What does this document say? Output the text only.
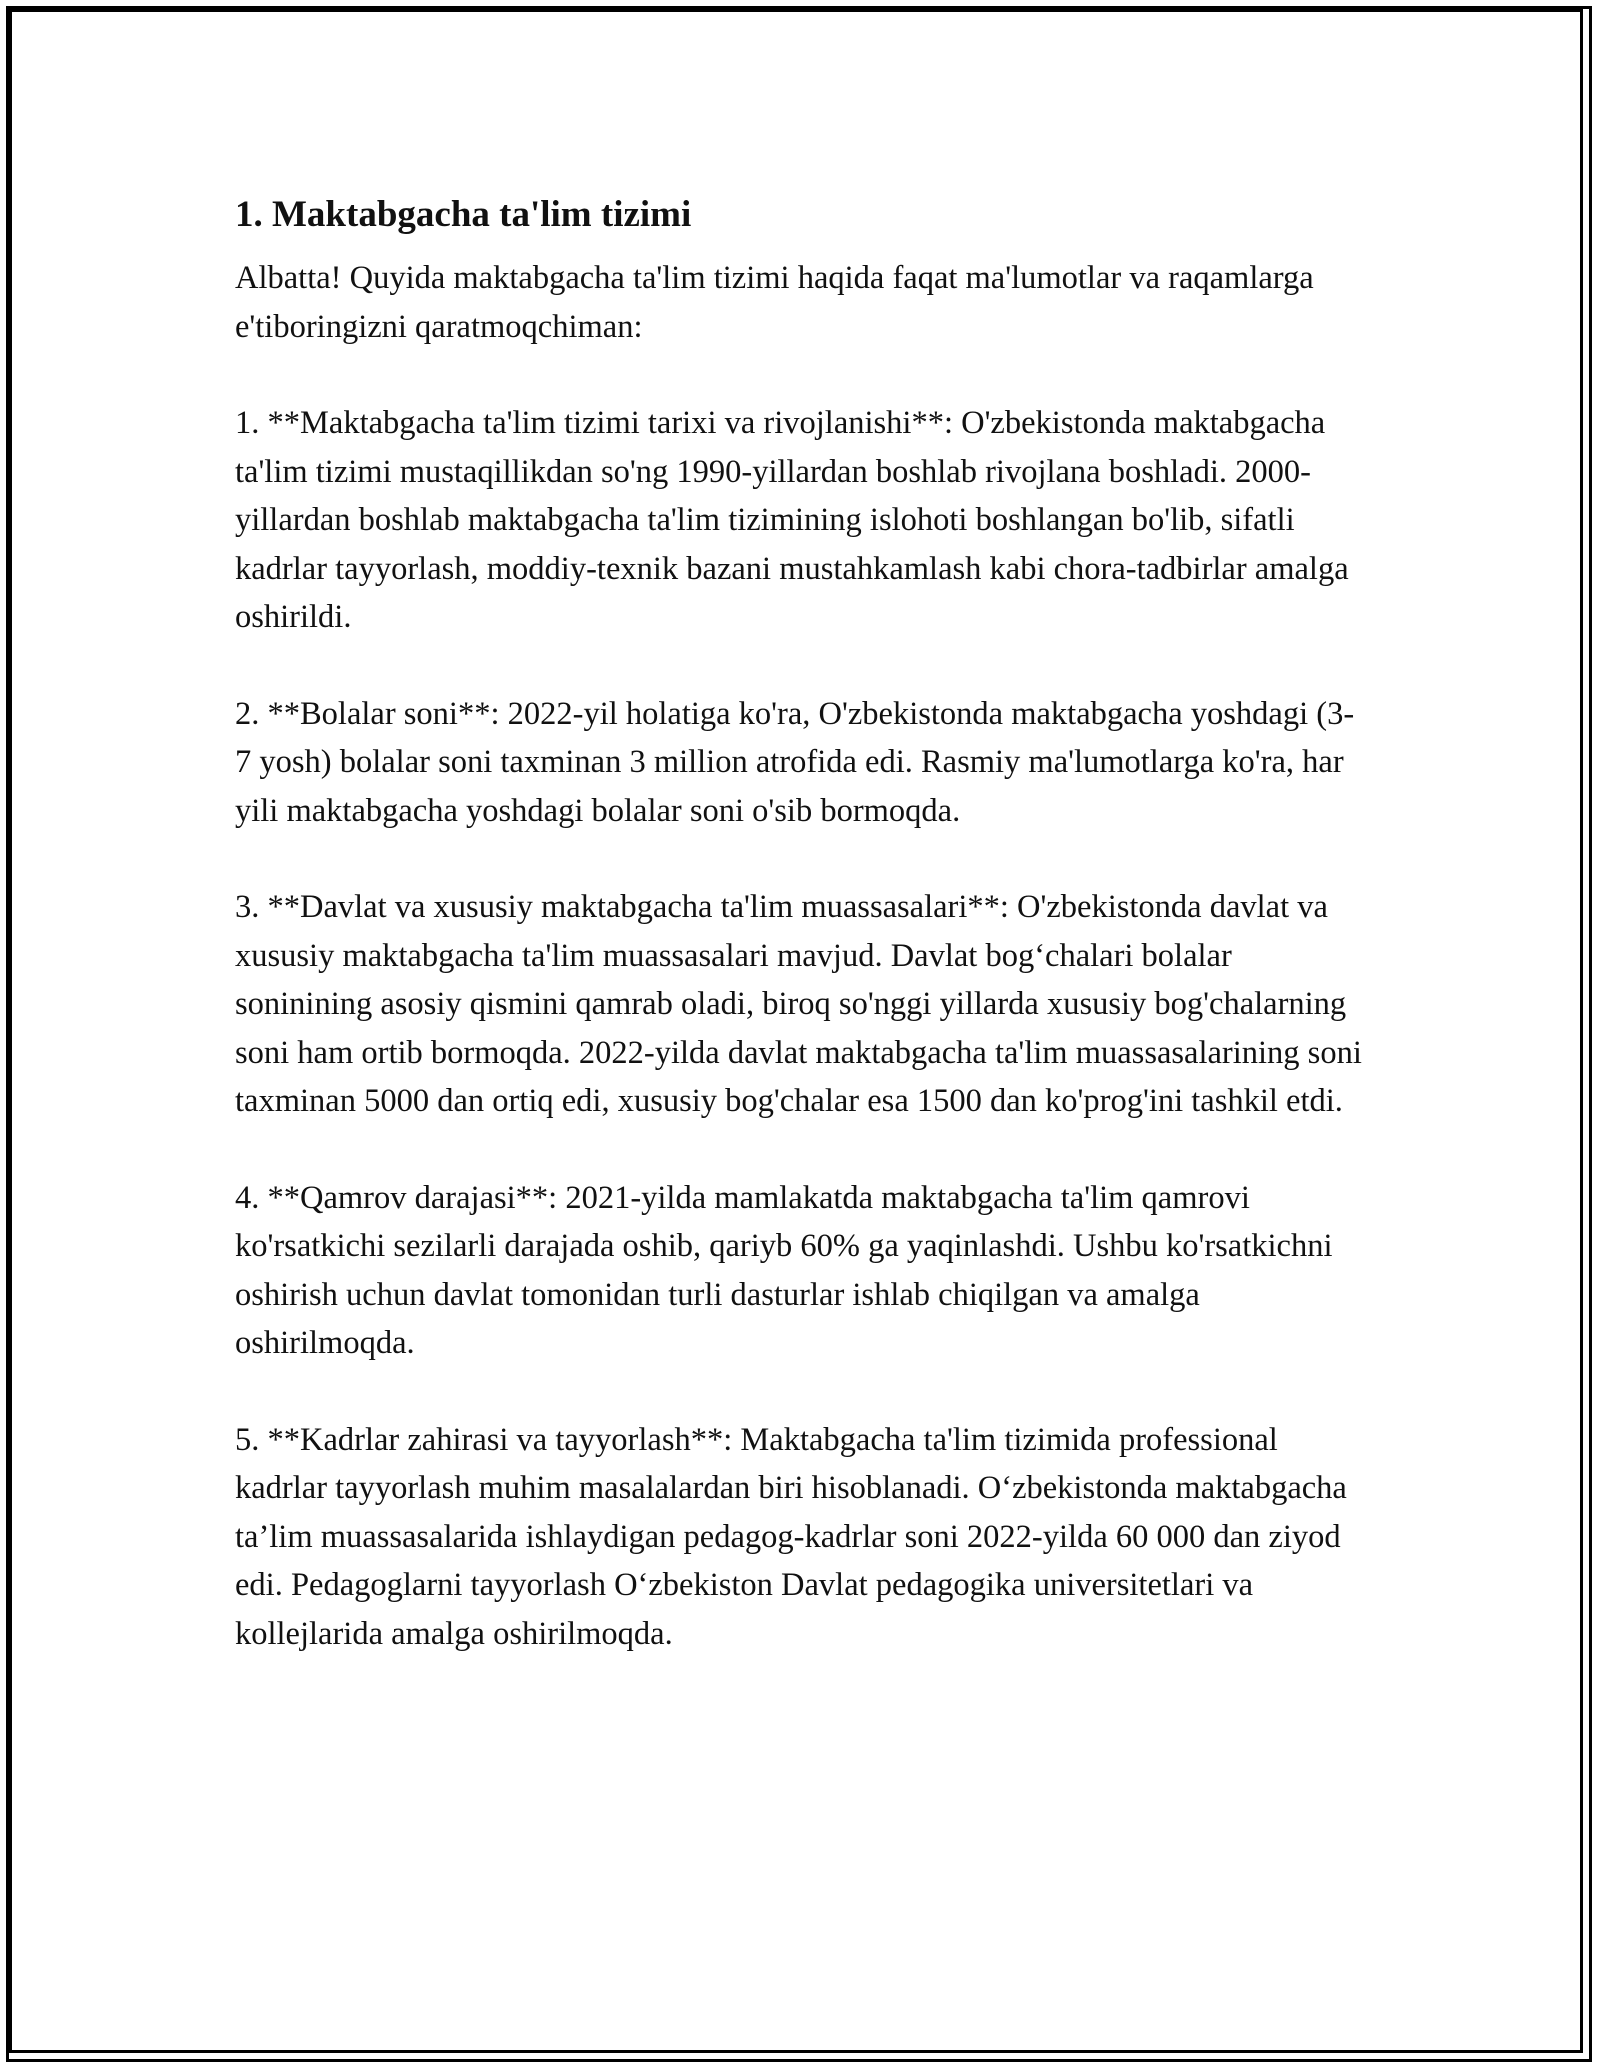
1. Maktabgacha ta'lim tizimi

Albatta! Quyida maktabgacha ta'lim tizimi haqida faqat ma'lumotlar va raqamlarga e'tiboringizni qaratmoqchiman:

1. **Maktabgacha ta'lim tizimi tarixi va rivojlanishi**: O'zbekistonda maktabgacha ta'lim tizimi mustaqillikdan so'ng 1990-yillardan boshlab rivojlana boshladi. 2000-yillardan boshlab maktabgacha ta'lim tizimining islohoti boshlangan bo'lib, sifatli kadrlar tayyorlash, moddiy-texnik bazani mustahkamlash kabi chora-tadbirlar amalga oshirildi.

2. **Bolalar soni**: 2022-yil holatiga ko'ra, O'zbekistonda maktabgacha yoshdagi (3-7 yosh) bolalar soni taxminan 3 million atrofida edi. Rasmiy ma'lumotlarga ko'ra, har yili maktabgacha yoshdagi bolalar soni o'sib bormoqda.

3. **Davlat va xususiy maktabgacha ta'lim muassasalari**: O'zbekistonda davlat va xususiy maktabgacha ta'lim muassasalari mavjud. Davlat bog‘chalari bolalar soninining asosiy qismini qamrab oladi, biroq so'nggi yillarda xususiy bog'chalarning soni ham ortib bormoqda. 2022-yilda davlat maktabgacha ta'lim muassasalarining soni taxminan 5000 dan ortiq edi, xususiy bog'chalar esa 1500 dan ko'prog'ini tashkil etdi.

4. **Qamrov darajasi**: 2021-yilda mamlakatda maktabgacha ta'lim qamrovi ko'rsatkichi sezilarli darajada oshib, qariyb 60% ga yaqinlashdi. Ushbu ko'rsatkichni oshirish uchun davlat tomonidan turli dasturlar ishlab chiqilgan va amalga oshirilmoqda.

5. **Kadrlar zahirasi va tayyorlash**: Maktabgacha ta'lim tizimida professional kadrlar tayyorlash muhim masalalardan biri hisoblanadi. O‘zbekistonda maktabgacha ta’lim muassasalarida ishlaydigan pedagog-kadrlar soni 2022-yilda 60 000 dan ziyod edi. Pedagoglarni tayyorlash O‘zbekiston Davlat pedagogika universitetlari va kollejlarida amalga oshirilmoqda.
